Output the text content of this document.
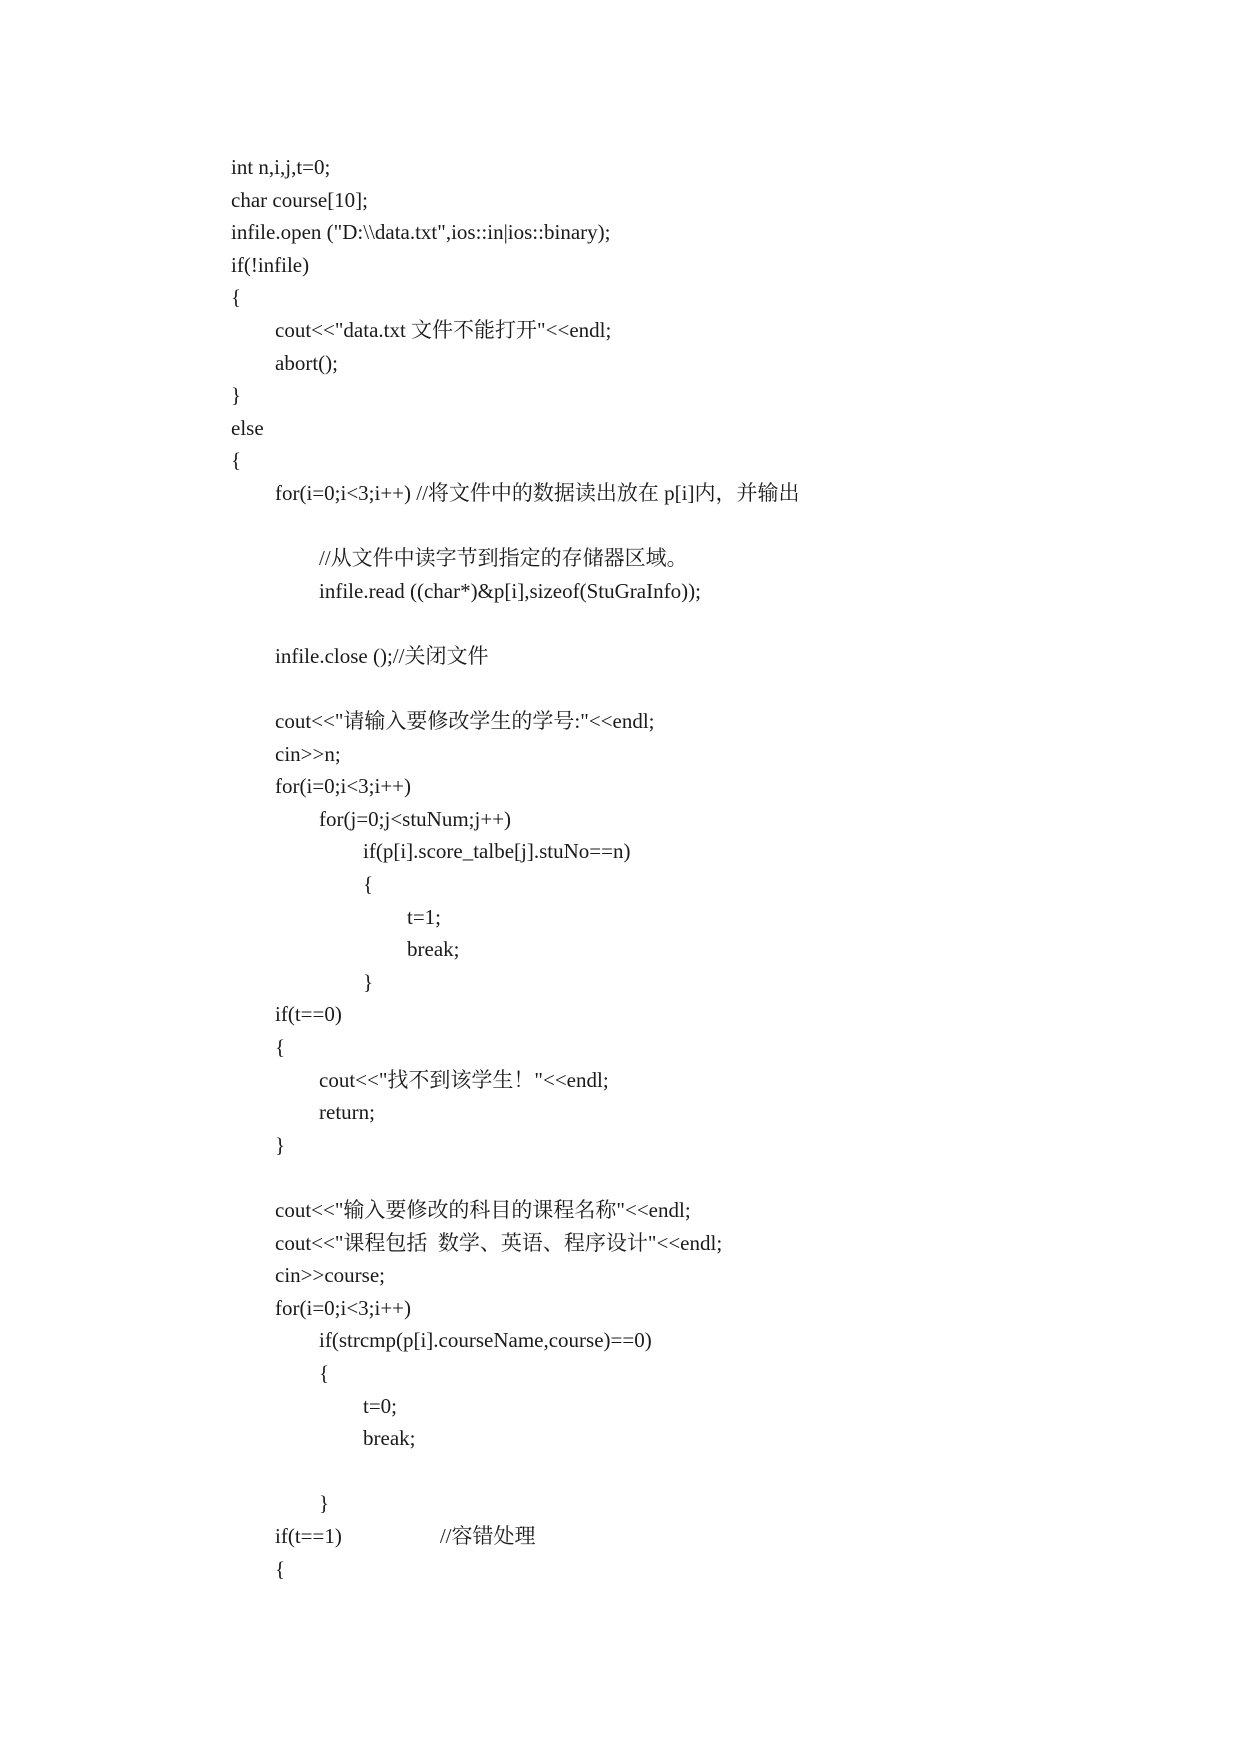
int n,i,j,t=0;
char course[10];
infile.open ("D:\\data.txt",ios::in|ios::binary);
if(!infile)
{
cout<<"data.txt 文件不能打开"<<endl;
abort();
}
else
{
for(i=0;i<3;i++) //将文件中的数据读出放在 p[i]内，并输出
//从文件中读字节到指定的存储器区域。
infile.read ((char*)&p[i],sizeof(StuGraInfo));
infile.close ();//关闭文件
cout<<"请输入要修改学生的学号:"<<endl;
cin>>n;
for(i=0;i<3;i++)
for(j=0;j<stuNum;j++)
if(p[i].score_talbe[j].stuNo==n)
{
t=1;
break;
}
if(t==0)
{
cout<<"找不到该学生！"<<endl;
return;
}
cout<<"输入要修改的科目的课程名称"<<endl;
cout<<"课程包括  数学、英语、程序设计"<<endl;
cin>>course;
for(i=0;i<3;i++)
if(strcmp(p[i].courseName,course)==0)
{
t=0;
break;
}
if(t==1)	//容错处理
{
